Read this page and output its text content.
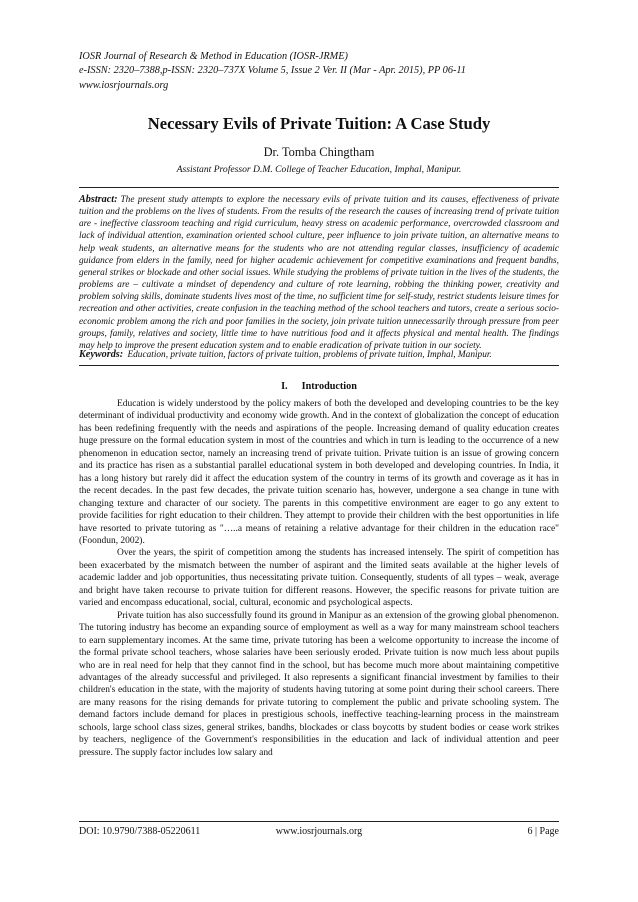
IOSR Journal of Research & Method in Education (IOSR-JRME)
e-ISSN: 2320–7388,p-ISSN: 2320–737X Volume 5, Issue 2 Ver. II (Mar - Apr. 2015), PP 06-11
www.iosrjournals.org
Necessary Evils of Private Tuition: A Case Study
Dr. Tomba Chingtham
Assistant Professor D.M. College of Teacher Education, Imphal, Manipur.
Abstract: The present study attempts to explore the necessary evils of private tuition and its causes, effectiveness of private tuition and the problems on the lives of students. From the results of the research the causes of increasing trend of private tuition are - ineffective classroom teaching and rigid curriculum, heavy stress on academic performance, overcrowded classroom and lack of individual attention, examination oriented school culture, peer influence to join private tuition, an alternative means to help weak students, an alternative means for the students who are not attending regular classes, insufficiency of academic guidance from elders in the family, need for higher academic achievement for competitive examinations and frequent bandhs, general strikes or blockade and other social issues. While studying the problems of private tuition in the lives of the students, the problems are – cultivate a mindset of dependency and culture of rote learning, robbing the thinking power, creativity and problem solving skills, dominate students lives most of the time, no sufficient time for self-study, restrict students leisure times for recreation and other activities, create confusion in the teaching method of the school teachers and tutors, create a serious socio-economic problem among the rich and poor families in the society, join private tuition unnecessarily through pressure from peer groups, family, relatives and society, little time to have nutritious food and it affects physical and mental health. The findings may help to improve the present education system and to enable eradication of private tuition in our society.
Keywords: Education, private tuition, factors of private tuition, problems of private tuition, Imphal, Manipur.
I. Introduction

Education is widely understood by the policy makers of both the developed and developing countries to be the key determinant of individual productivity and economy wide growth. And in the context of globalization the concept of education has been redefining frequently with the needs and aspirations of the people. Increasing demand of quality education creates huge pressure on the formal education system in most of the countries and which in turn is leading to the occurrence of a new phenomenon in education sector, namely an increasing trend of private tuition. Private tuition is an issue of growing concern and its practice has risen as a substantial parallel educational system in both developed and developing countries. In India, it has a long history but rarely did it affect the education system of the country in terms of its growth and coverage as it has in the recent decades. In the past few decades, the private tuition scenario has, however, undergone a sea change in tune with changing texture and character of our society. The parents in this competitive environment are eager to go any extent to provide facilities for right education to their children. They attempt to provide their children with the best opportunities in life have resorted to private tutoring as "…..a means of retaining a relative advantage for their children in the education race" (Foondun, 2002).

Over the years, the spirit of competition among the students has increased intensely. The spirit of competition has been exacerbated by the mismatch between the number of aspirant and the limited seats available at the higher levels of academic ladder and job opportunities, thus necessitating private tuition. Consequently, students of all types – weak, average and bright have taken recourse to private tuition for different reasons. However, the specific reasons for private tuition are varied and encompass educational, social, cultural, economic and psychological aspects.

Private tuition has also successfully found its ground in Manipur as an extension of the growing global phenomenon. The tutoring industry has become an expanding source of employment as well as a way for many mainstream school teachers to earn supplementary incomes. At the same time, private tutoring has been a welcome opportunity to increase the income of the formal private school teachers, whose salaries have been seriously eroded. Private tuition is now much less about pupils who are in real need for help that they cannot find in the school, but has become much more about maintaining competitive advantages of the already successful and privileged. It also represents a significant financial investment by families to their children's education in the state, with the majority of students having tutoring at some point during their school careers. There are many reasons for the rising demands for private tutoring to complement the public and private schooling system. The demand factors include demand for places in prestigious schools, ineffective teaching-learning process in the mainstream schools, large school class sizes, general strikes, bandhs, blockades or class boycotts by student bodies or cease work strikes by teachers, negligence of the Government's responsibilities in the education and lack of individual attention and peer pressure. The supply factor includes low salary and

DOI: 10.9790/7388-05220611	www.iosrjournals.org	6 | Page
